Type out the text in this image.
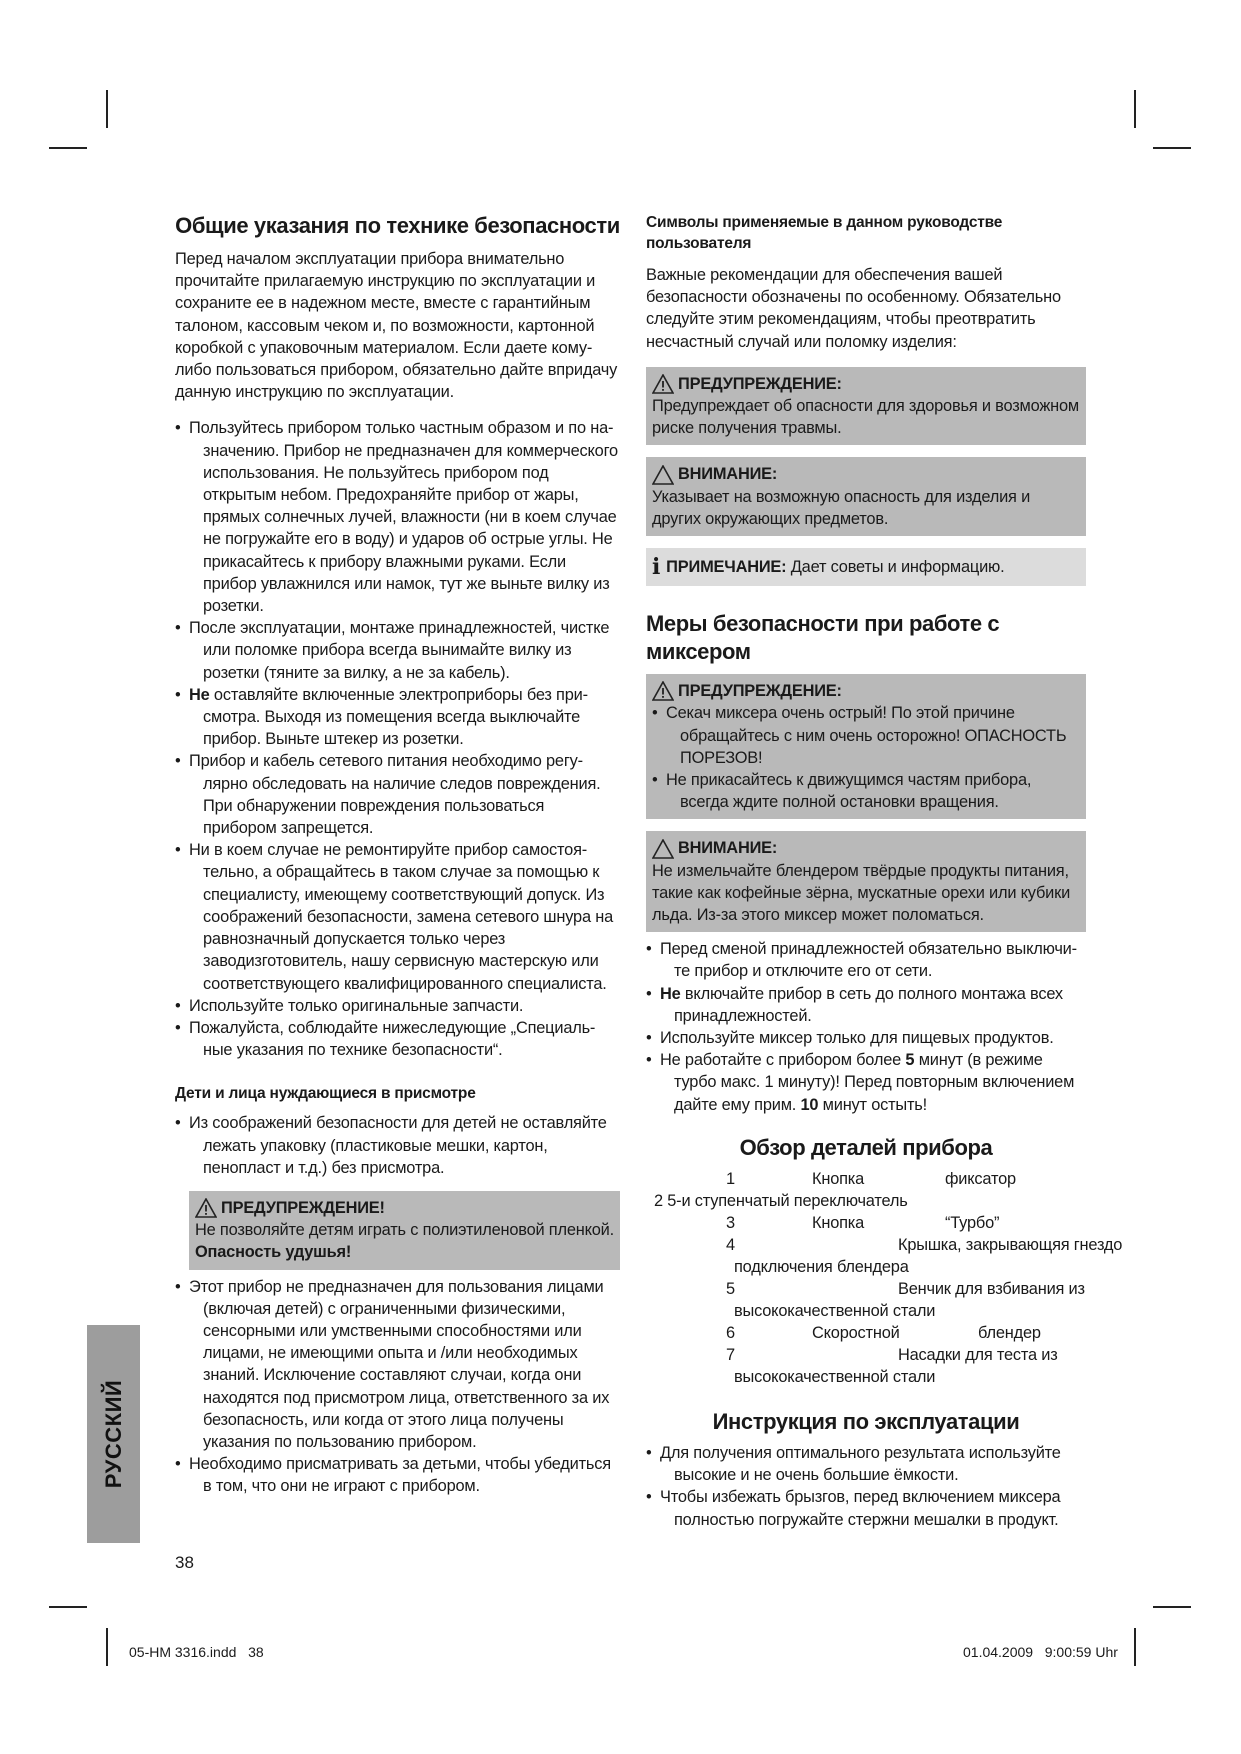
Общие указания по технике безопасности

Перед началом эксплуатации прибора внимательно прочитайте прилагаемую инструкцию по эксплуатации и сохраните ее в надежном месте, вместе с гарантийным талоном, кассовым чеком и, по возможности, картонной коробкой с упаковочным материалом. Если даете кому-либо пользоваться прибором, обязательно дайте впридачу данную инструкцию по эксплуатации.

• Пользуйтесь прибором только частным образом и по на-
значению. Прибор не предназначен для коммерческого использования. Не пользуйтесь прибором под открытым небом. Предохраняйте прибор от жары, прямых солнечных лучей, влажности (ни в коем случае не погружайте его в воду) и ударов об острые углы. Не прикасайтесь к прибору влажными руками. Если прибор увлажнился или намок, тут же выньте вилку из розетки.
• После эксплуатации, монтаже принадлежностей, чистке
или поломке прибора всегда вынимайте вилку из розетки (тяните за вилку, а не за кабель).
• Не оставляйте включенные электроприборы без при-
смотра. Выходя из помещения всегда выключайте прибор. Выньте штекер из розетки.
• Прибор и кабель сетевого питания необходимо регу-
лярно обследовать на наличие следов повреждения. При обнаружении повреждения пользоваться прибором запрещется.
• Ни в коем случае не ремонтируйте прибор самостоя-
тельно, а обращайтесь в таком случае за помощью к специалисту, имеющему соответствующий допуск. Из соображений безопасности, замена сетевого шнура на равнозначный допускается только через заводизготовитель, нашу сервисную мастерскую или соответствующего квалифицированного специалиста.
• Используйте только оригинальные запчасти.
• Пожалуйста, соблюдайте нижеследующие „Специаль-
ные указания по технике безопасности“.
Дети и лица нуждающиеся в присмотре
• Из соображений безопасности для детей не оставляйте
лежать упаковку (пластиковые мешки, картон, пенопласт и т.д.) без присмотра.
ПРЕДУПРЕЖДЕНИЕ!
Не позволяйте детям играть с полиэтиленовой пленкой. Опасность удушья!
• Этот прибор не предназначен для пользования лицами
(включая детей) с ограниченными физическими, сенсорными или умственными способностями или лицами, не имеющими опыта и /или необходимых знаний. Исключение составляют случаи, когда они находятся под присмотром лица, ответственного за их безопасность, или когда от этого лица получены указания по пользованию прибором.
• Необходимо присматривать за детьми, чтобы убедиться
в том, что они не играют с прибором.
Символы применяемые в данном руководстве пользователя

Важные рекомендации для обеспечения вашей безопасности обозначены по особенному. Обязательно следуйте этим рекомендациям, чтобы преотвратить несчастный случай или поломку изделия:

ПРЕДУПРЕЖДЕНИЕ:
Предупреждает об опасности для здоровья и возможном риске получения травмы.
ВНИМАНИЕ:
Указывает на возможную опасность для изделия и других окружающих предметов.
i ПРИМЕЧАНИЕ: Дает советы и информацию.
Меры безопасности при работе с миксером
ПРЕДУПРЕЖДЕНИЕ:
• Секач миксера очень острый! По этой причине
обращайтесь с ним очень осторожно! ОПАСНОСТЬ ПОРЕЗОВ!
• Не прикасайтесь к движущимся частям прибора,
всегда ждите полной остановки вращения.
ВНИМАНИЕ:
Не измельчайте блендером твёрдые продукты питания, такие как кофейные зёрна, мускатные орехи или кубики льда. Из-за этого миксер может поломаться.
• Перед сменой принадлежностей обязательно выключи-
те прибор и отключите его от сети.
• Не включайте прибор в сеть до полного монтажа всех
принадлежностей.
• Используйте миксер только для пищевых продуктов.
• Не работайте с прибором более 5 минут (в режиме
турбо макс. 1 минуту)! Перед повторным включением дайте ему прим. 10 минут остыть!
Обзор деталей прибора
1	Кнопка	фиксатор
2 5-и ступенчатый переключатель
3	Кнопка	“Турбо”
4	Крышка, закрывающяя гнездо
подключения блендера
5	Венчик для взбивания из
высококачественной стали
6	Скоростной	блендер
7	Насадки для теста из
высококачественной стали
Инструкция по эксплуатации
• Для получения оптимального результата используйте
высокие и не очень большие ёмкости.
• Чтобы избежать брызгов, перед включением миксера
полностью погружайте стержни мешалки в продукт.
РУССКИЙ
38
05-HM 3316.indd   38	01.04.2009   9:00:59 Uhr
